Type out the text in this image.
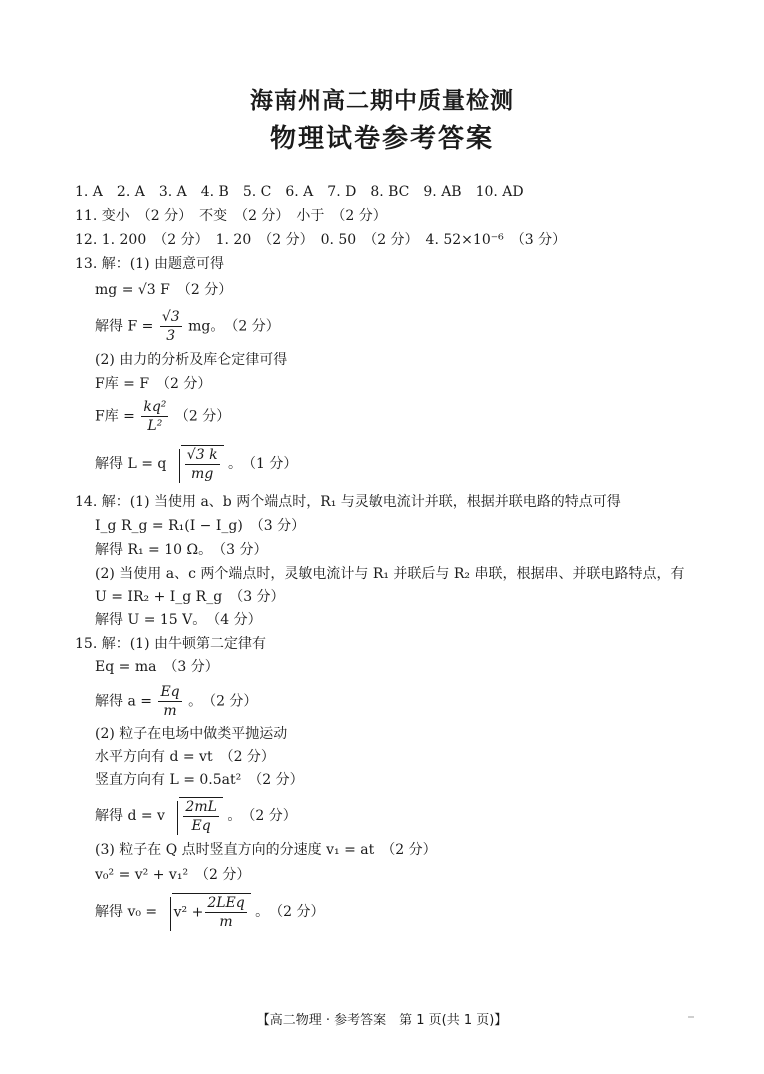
海南州高二期中质量检测
物理试卷参考答案
1. A　2. A　3. A　4. B　5. C　6. A　7. D　8. BC　9. AB　10. AD
11. 变小　（2 分）　不变　（2 分）　小于　（2 分）
12. 1. 200　（2 分）　1. 20　（2 分）　0. 50　（2 分）　4. 52×10⁻⁶　（3 分）
13. 解：(1) 由题意可得
mg = √3 F　（2 分）
解得 $F = \frac{√3}{3}$ mg。　（2 分）
(2) 由力的分析及库仑定律可得
F库 = F　（2 分）
F库 = $\frac{\text{kq²}}{\text{L²}} (2$ 分）
解得 L = q $\frac{√3 k}{mg}$ 。　（1 分）
14. 解：(1) 当使用 a、b 两个端点时，R₁ 与灵敏电流计并联，根据并联电路的特点可得
I_g R_g = R₁(I − I_g)　（3 分）
解得 R₁ = 10 Ω。　（3 分）
(2) 当使用 a、c 两个端点时，灵敏电流计与 R₁ 并联后与 R₂ 串联，根据串、并联电路特点，有
U = IR₂ + I_g R_g　（3 分）
解得 U = 15 V。　（4 分）
15. 解：(1) 由牛顿第二定律有
Eq = ma　（3 分）
解得 $a = \frac{Eq}{m}$ 。　（2 分）
(2) 粒子在电场中做类平抛运动
水平方向有 d = vt　（2 分）
竖直方向有 L = 0.5at²　（2 分）
解得 d = v $\frac{2mL}{Eq}$ 。　（2 分）
(3) 粒子在 Q 点时竖直方向的分速度 v₁ = at　（2 分）
v₀² = v² + v₁²　（2 分）
解得 $v_0 = v^2 + \frac{\text{2LEq}}{m}$ 。　（2 分）
【高二物理 · 参考答案　第 1 页(共 1 页)】
